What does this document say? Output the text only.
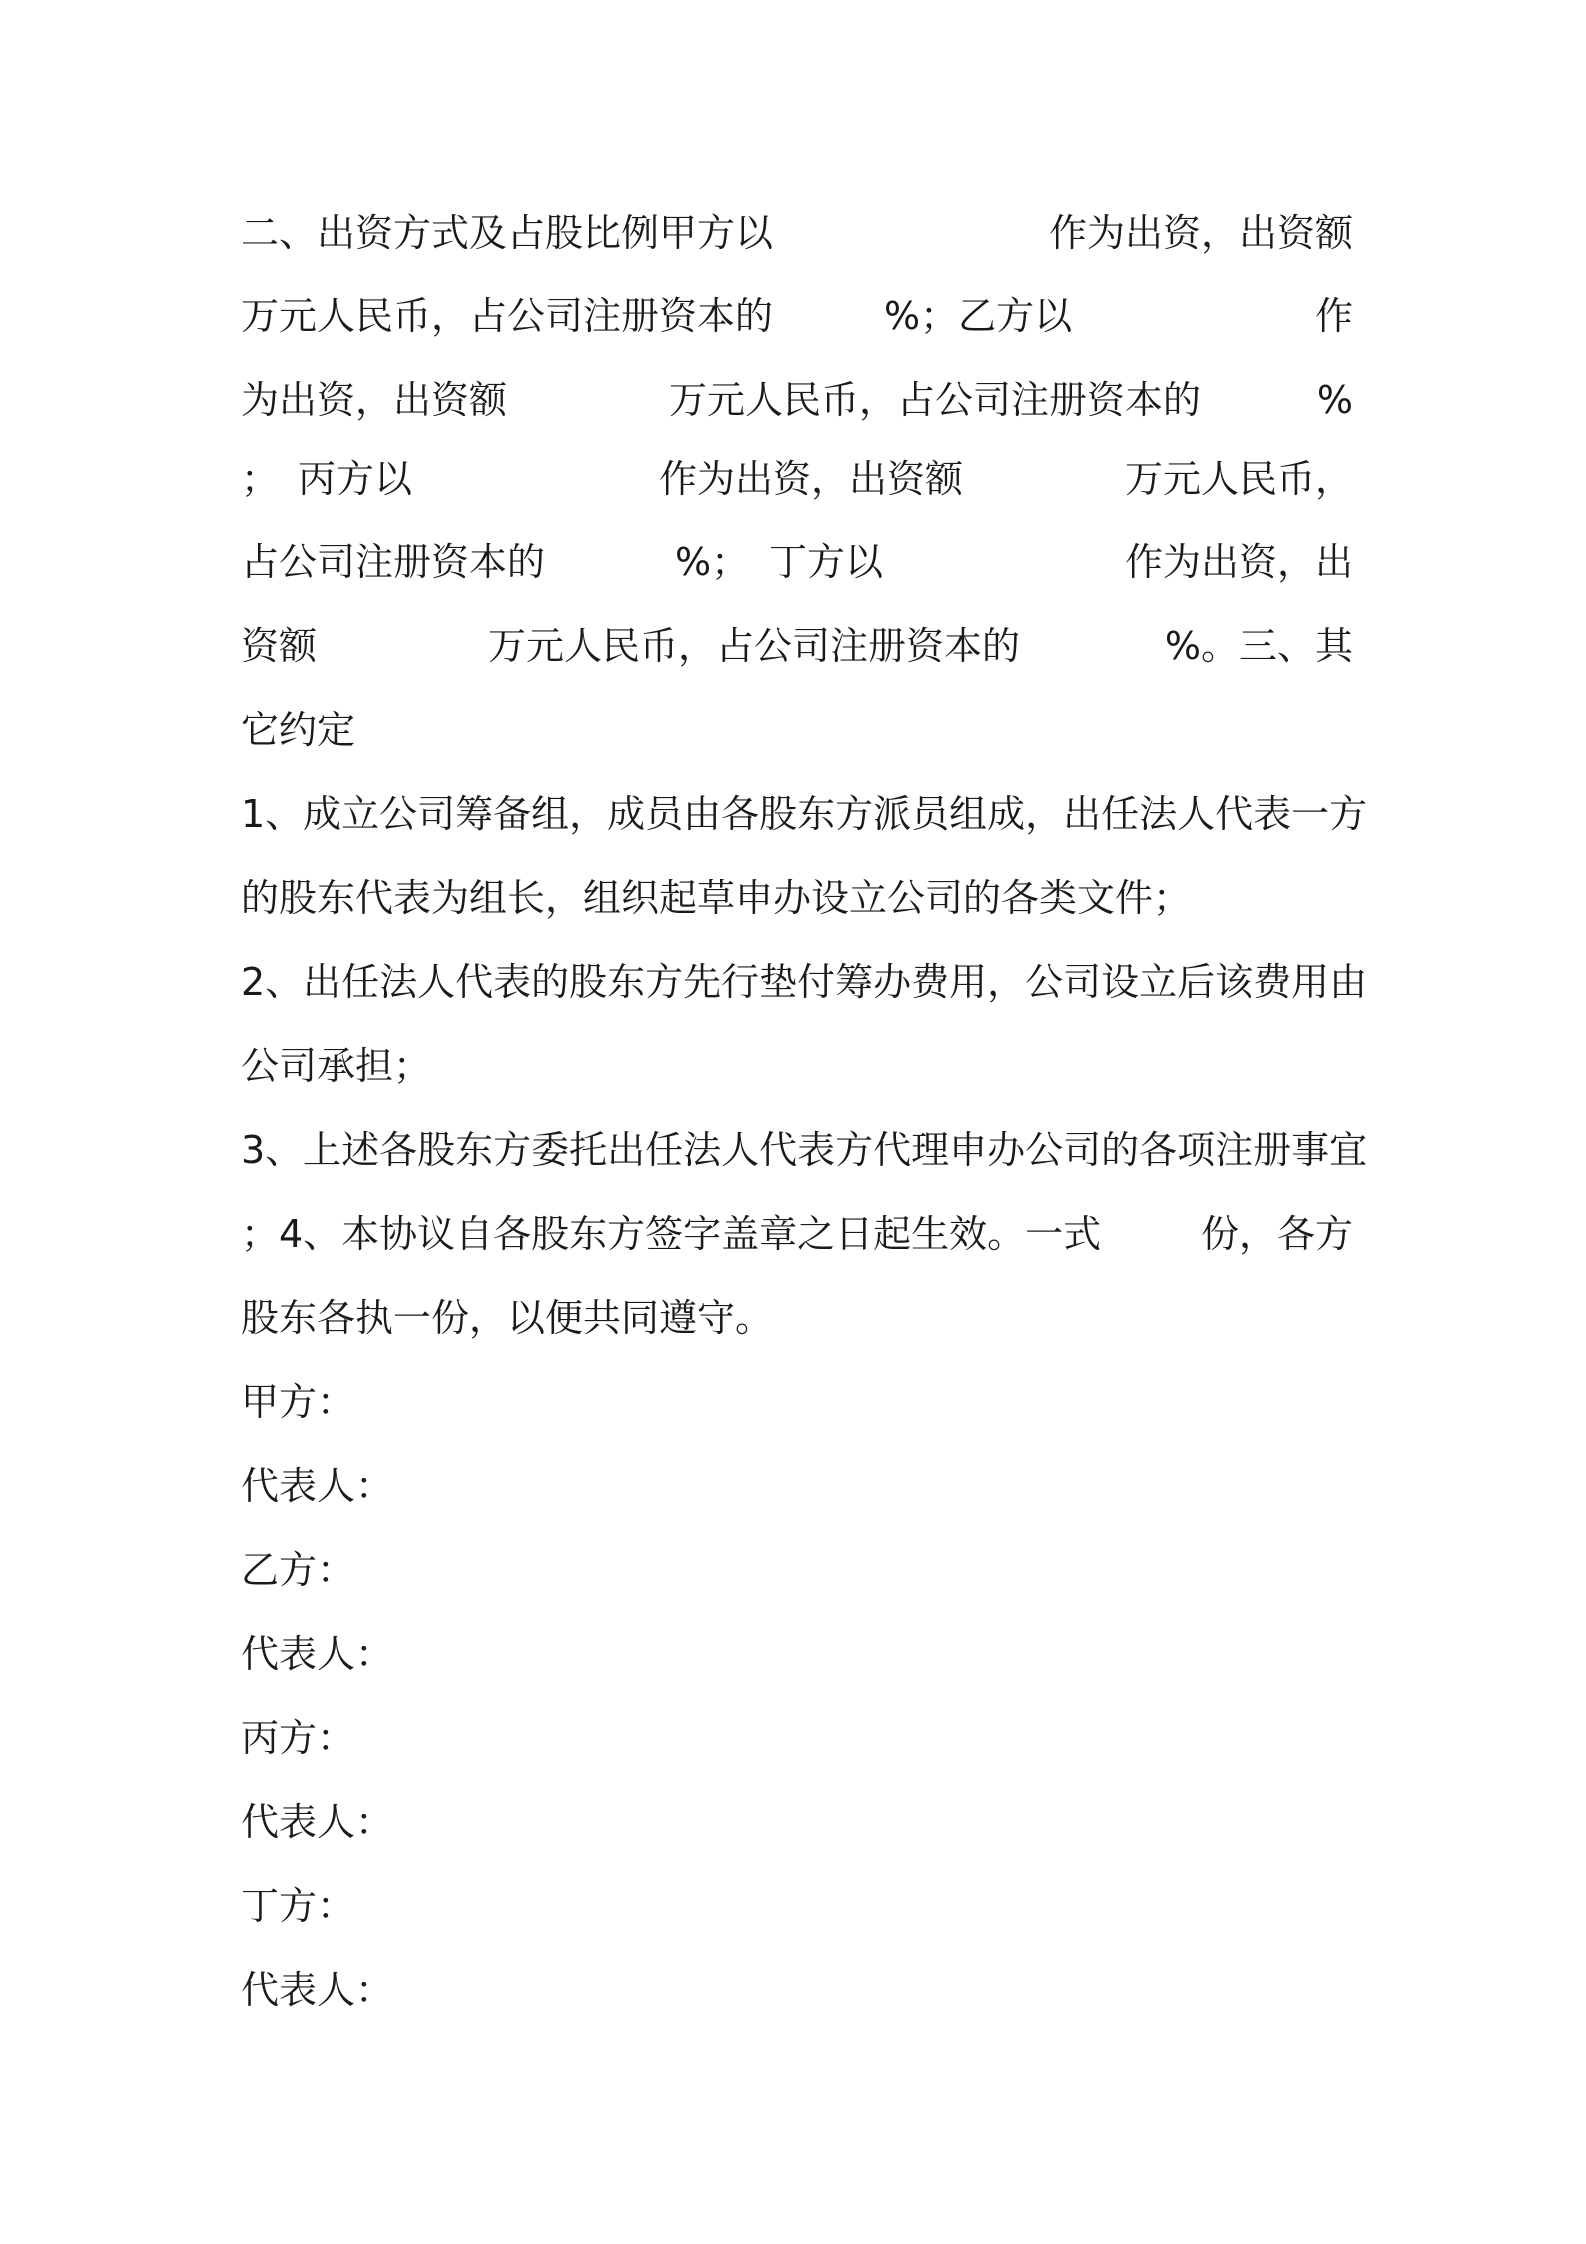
二、出资方式及占股比例甲方以	作为出资，出资额
万元人民币，占公司注册资本的	%；乙方以	作
为出资，出资额	万元人民币，占公司注册资本的	%
； 丙方以	作为出资，出资额	万元人民币，
占公司注册资本的	%； 丁方以	作为出资，出
资额	万元人民币，占公司注册资本的	%。三、其
它约定
1、成立公司筹备组，成员由各股东方派员组成，出任法人代表一方
的股东代表为组长，组织起草申办设立公司的各类文件；
2、出任法人代表的股东方先行垫付筹办费用，公司设立后该费用由
公司承担；
3、上述各股东方委托出任法人代表方代理申办公司的各项注册事宜
；4、本协议自各股东方签字盖章之日起生效。一式	份，各方
股东各执一份，以便共同遵守。
甲方：
代表人：
乙方：
代表人：
丙方：
代表人：
丁方：
代表人：
